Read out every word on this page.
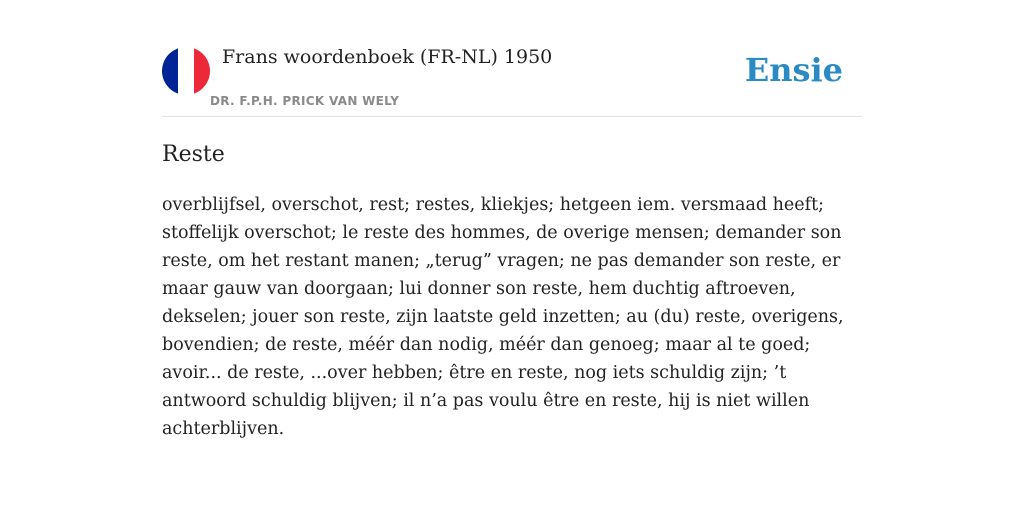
Frans woordenboek (FR-NL) 1950
DR. F.P.H. PRICK VAN WELY
Ensie
Reste

overblijfsel, overschot, rest; restes, kliekjes; hetgeen iem. versmaad heeft; stoffelijk overschot; le reste des hommes, de overige mensen; demander son reste, om het restant manen; „terug” vragen; ne pas demander son reste, er maar gauw van doorgaan; lui donner son reste, hem duchtig aftroeven, dekselen; jouer son reste, zijn laatste geld inzetten; au (du) reste, overigens, bovendien; de reste, méér dan nodig, méér dan genoeg; maar al te goed; avoir... de reste, ...over hebben; être en reste, nog iets schuldig zijn; ’t antwoord schuldig blijven; il n’a pas voulu être en reste, hij is niet willen achterblijven.
